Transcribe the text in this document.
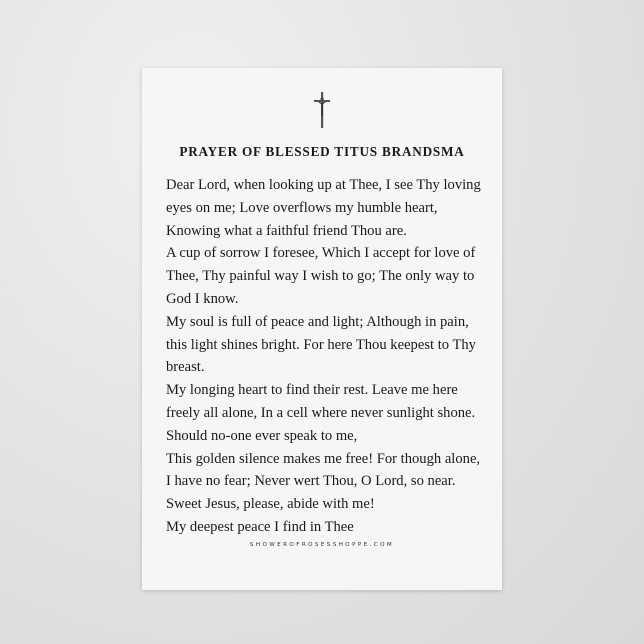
PRAYER OF BLESSED TITUS BRANDSMA
Dear Lord, when looking up at Thee, I see Thy loving
eyes on me; Love overflows my humble heart,
Knowing what a faithful friend Thou are.
A cup of sorrow I foresee, Which I accept for love of
Thee, Thy painful way I wish to go; The only way to
God I know.
My soul is full of peace and light; Although in pain,
this light shines bright. For here Thou keepest to Thy
breast.
My longing heart to find their rest. Leave me here
freely all alone, In a cell where never sunlight shone.
Should no-one ever speak to me,
This golden silence makes me free! For though alone,
I have no fear; Never wert Thou, O Lord, so near.
Sweet Jesus, please, abide with me!
My deepest peace I find in Thee
SHOWEROFROSESSHOPPE.COM
